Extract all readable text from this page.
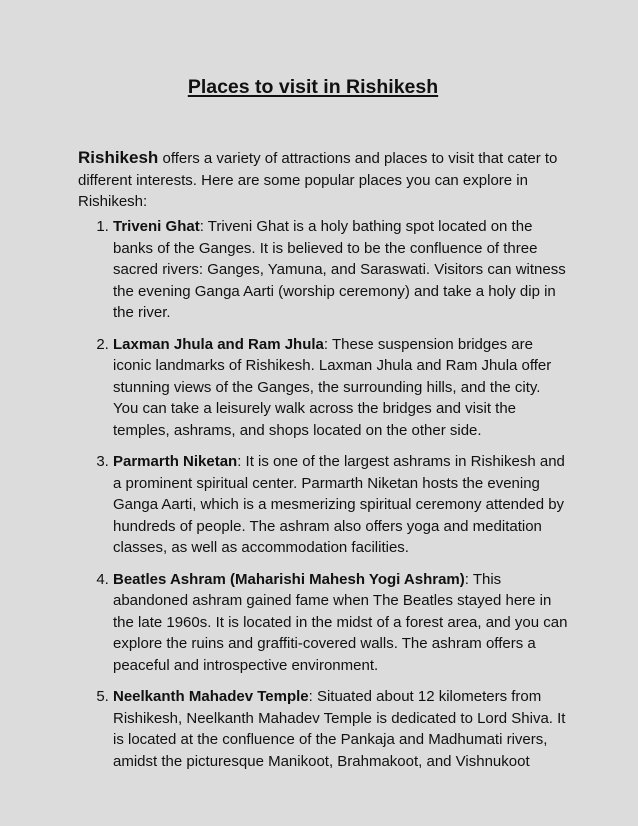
Places to visit in Rishikesh

Rishikesh offers a variety of attractions and places to visit that cater to different interests. Here are some popular places you can explore in Rishikesh:

1. Triveni Ghat: Triveni Ghat is a holy bathing spot located on the banks of the Ganges. It is believed to be the confluence of three sacred rivers: Ganges, Yamuna, and Saraswati. Visitors can witness the evening Ganga Aarti (worship ceremony) and take a holy dip in the river.
2. Laxman Jhula and Ram Jhula: These suspension bridges are iconic landmarks of Rishikesh. Laxman Jhula and Ram Jhula offer stunning views of the Ganges, the surrounding hills, and the city. You can take a leisurely walk across the bridges and visit the temples, ashrams, and shops located on the other side.
3. Parmarth Niketan: It is one of the largest ashrams in Rishikesh and a prominent spiritual center. Parmarth Niketan hosts the evening Ganga Aarti, which is a mesmerizing spiritual ceremony attended by hundreds of people. The ashram also offers yoga and meditation classes, as well as accommodation facilities.
4. Beatles Ashram (Maharishi Mahesh Yogi Ashram): This abandoned ashram gained fame when The Beatles stayed here in the late 1960s. It is located in the midst of a forest area, and you can explore the ruins and graffiti-covered walls. The ashram offers a peaceful and introspective environment.
5. Neelkanth Mahadev Temple: Situated about 12 kilometers from Rishikesh, Neelkanth Mahadev Temple is dedicated to Lord Shiva. It is located at the confluence of the Pankaja and Madhumati rivers, amidst the picturesque Manikoot, Brahmakoot, and Vishnukoot
